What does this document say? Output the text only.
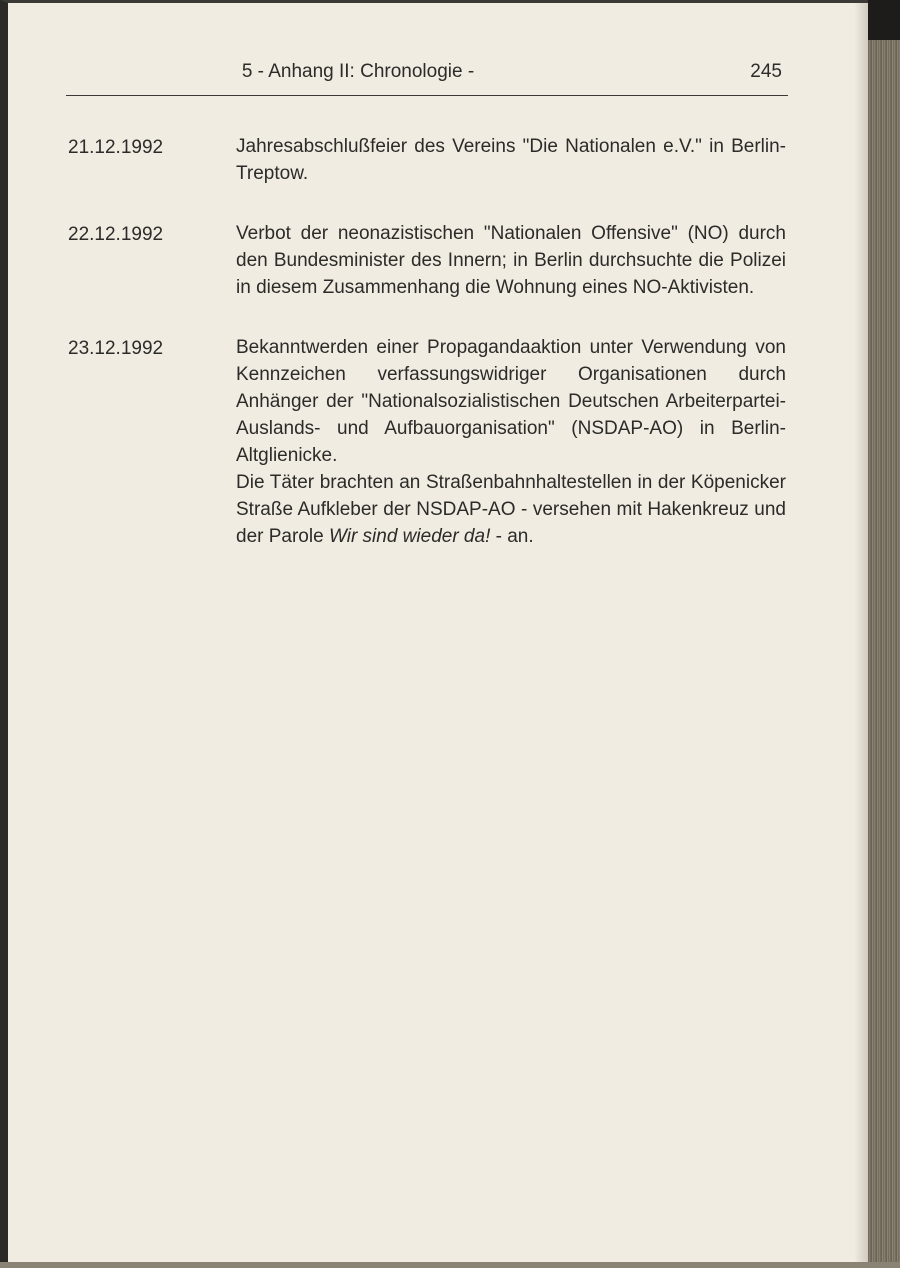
5 - Anhang II: Chronologie -	245
21.12.1992	Jahresabschlußfeier des Vereins "Die Nationalen e.V." in Berlin-Treptow.

22.12.1992	Verbot der neonazistischen "Nationalen Offensive" (NO) durch den Bundesminister des Innern; in Berlin durchsuchte die Polizei in diesem Zusammenhang die Wohnung eines NO-Aktivisten.

23.12.1992	Bekanntwerden einer Propagandaaktion unter Verwendung von Kennzeichen verfassungswidriger Organisationen durch Anhänger der "Nationalsozialistischen Deutschen Arbeiterpartei-Auslands- und Aufbauorganisation" (NSDAP-AO) in Berlin-Altglienicke.

Die Täter brachten an Straßenbahnhaltestellen in der Köpenicker Straße Aufkleber der NSDAP-AO - versehen mit Hakenkreuz und der Parole Wir sind wieder da! - an.
